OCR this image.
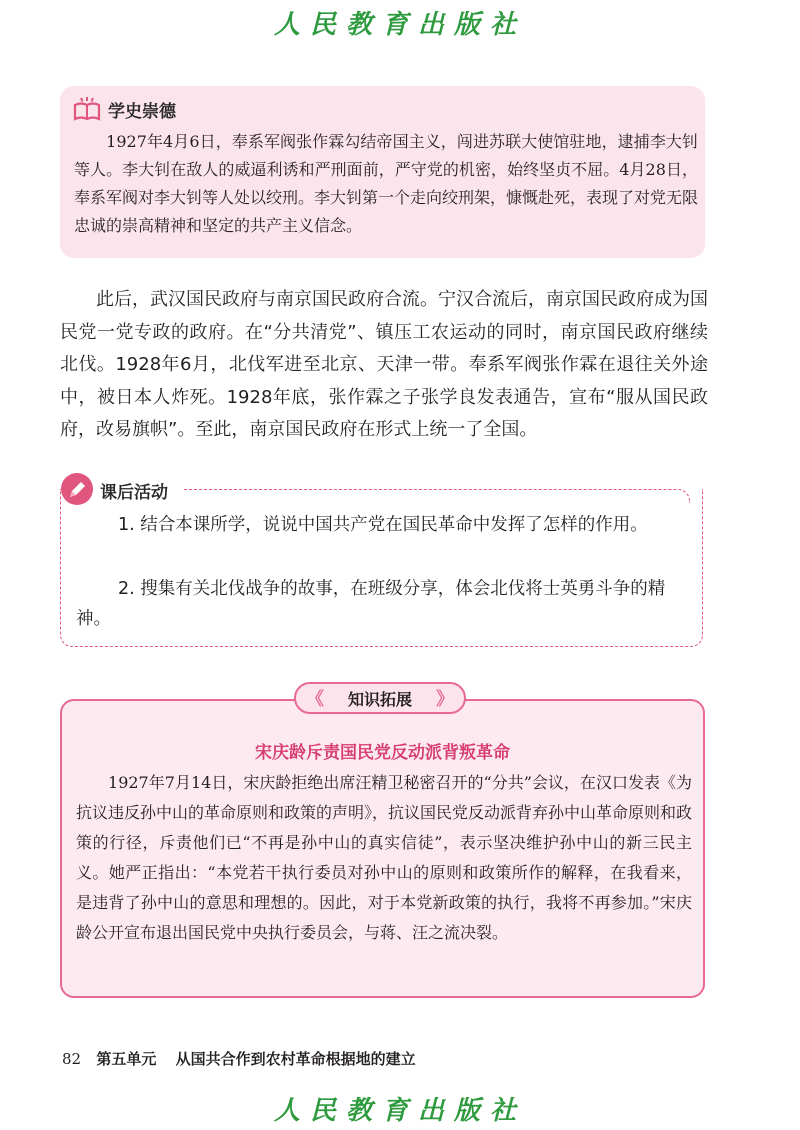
人民教育出版社
学史崇德

　　1927年4月6日，奉系军阀张作霖勾结帝国主义，闯进苏联大使馆驻地，逮捕李大钊等人。李大钊在敌人的威逼利诱和严刑面前，严守党的机密，始终坚贞不屈。4月28日，奉系军阀对李大钊等人处以绞刑。李大钊第一个走向绞刑架，慷慨赴死，表现了对党无限忠诚的崇高精神和坚定的共产主义信念。

　　此后，武汉国民政府与南京国民政府合流。宁汉合流后，南京国民政府成为国民党一党专政的政府。在“分共清党”、镇压工农运动的同时，南京国民政府继续北伐。1928年6月，北伐军进至北京、天津一带。奉系军阀张作霖在退往关外途中，被日本人炸死。1928年底，张作霖之子张学良发表通告，宣布“服从国民政府，改易旗帜”。至此，南京国民政府在形式上统一了全国。

课后活动

1. 结合本课所学，说说中国共产党在国民革命中发挥了怎样的作用。

2. 搜集有关北伐战争的故事，在班级分享，体会北伐将士英勇斗争的精神。

《 知识拓展 》
宋庆龄斥责国民党反动派背叛革命

　　1927年7月14日，宋庆龄拒绝出席汪精卫秘密召开的“分共”会议，在汉口发表《为抗议违反孙中山的革命原则和政策的声明》，抗议国民党反动派背弃孙中山革命原则和政策的行径，斥责他们已“不再是孙中山的真实信徒”，表示坚决维护孙中山的新三民主义。她严正指出：“本党若干执行委员对孙中山的原则和政策所作的解释，在我看来，是违背了孙中山的意思和理想的。因此，对于本党新政策的执行，我将不再参加。”宋庆龄公开宣布退出国民党中央执行委员会，与蒋、汪之流决裂。

82 第五单元 从国共合作到农村革命根据地的建立
人民教育出版社
